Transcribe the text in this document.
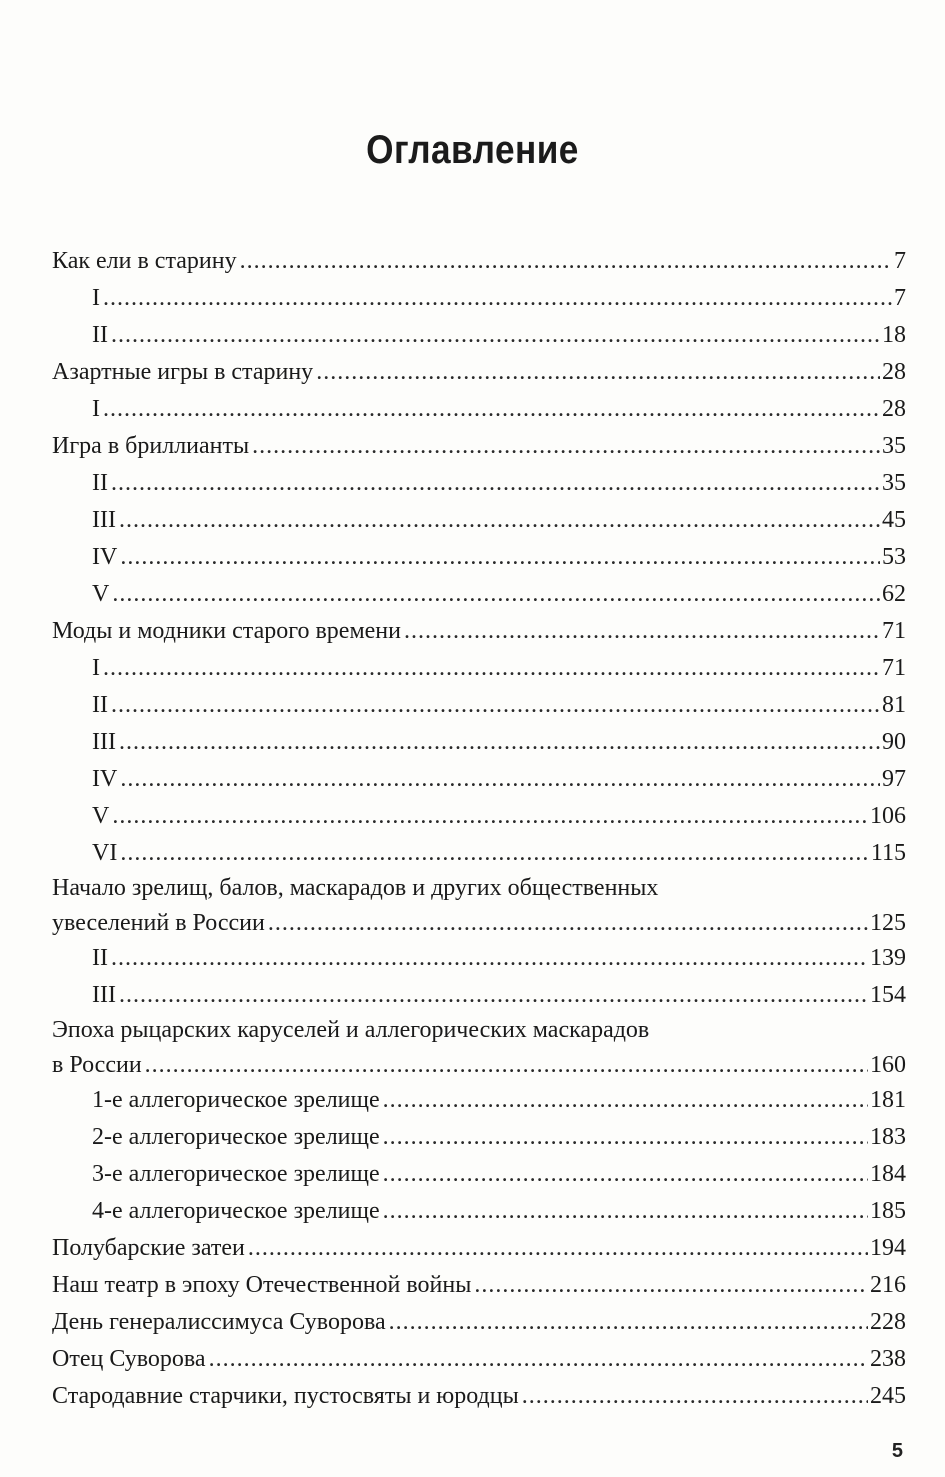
Оглавление
Как ели в старину .....	7
I .....	7
II .....	18
Азартные игры в старину .....	28
I .....	28
Игра в бриллианты .....	35
II .....	35
III .....	45
IV .....	53
V .....	62
Моды и модники старого времени .....	71
I .....	71
II .....	81
III .....	90
IV .....	97
V .....	106
VI .....	115
Начало зрелищ, балов, маскарадов и других общественных
увеселений в России .....	125
II .....	139
III .....	154
Эпоха рыцарских каруселей и аллегорических маскарадов
в России .....	160
1-е аллегорическое зрелище .....	181
2-е аллегорическое зрелище .....	183
3-е аллегорическое зрелище .....	184
4-е аллегорическое зрелище .....	185
Полубарские затеи .....	194
Наш театр в эпоху Отечественной войны .....	216
День генералиссимуса Суворова .....	228
Отец Суворова .....	238
Стародавние старчики, пустосвяты и юродцы .....	245
5
